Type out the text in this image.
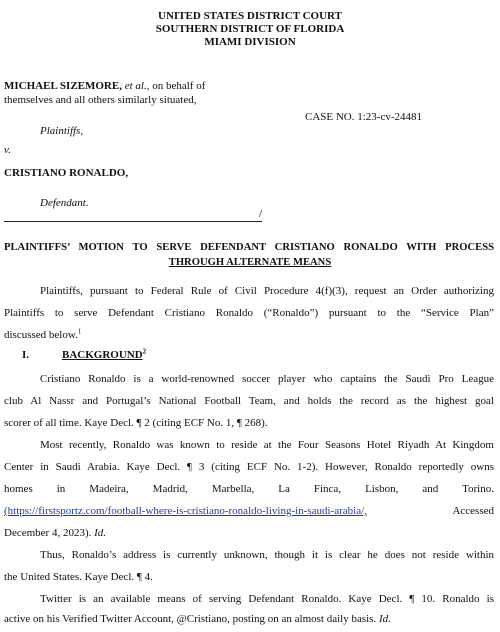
UNITED STATES DISTRICT COURT
SOUTHERN DISTRICT OF FLORIDA
MIAMI DIVISION
MICHAEL SIZEMORE, et al., on behalf of
themselves and all others similarly situated,
Plaintiffs,
v.
CASE NO. 1:23-cv-24481
CRISTIANO RONALDO,
Defendant.
/
PLAINTIFFS’ MOTION TO SERVE DEFENDANT CRISTIANO RONALDO WITH PROCESS
THROUGH ALTERNATE MEANS
Plaintiffs, pursuant to Federal Rule of Civil Procedure 4(f)(3), request an Order authorizing
Plaintiffs to serve Defendant Cristiano Ronaldo (“Ronaldo”) pursuant to the “Service Plan”
discussed below.$^1$
I.	BACKGROUND$^2$
Cristiano Ronaldo is a world-renowned soccer player who captains the Saudi Pro League
club Al Nassr and Portugal’s National Football Team, and holds the record as the highest goal
scorer of all time. Kaye Decl. ¶ 2 (citing ECF No. 1, ¶ 268).
Most recently, Ronaldo was known to reside at the Four Seasons Hotel Riyadh At Kingdom
Center in Saudi Arabia. Kaye Decl. ¶ 3 (citing ECF No. 1-2). However, Ronaldo reportedly owns
homes in Madeira, Madrid, Marbella, La Finca, Lisbon, and Torino.
(https://firstsportz.com/football-where-is-cristiano-ronaldo-living-in-saudi-arabia/,	Accessed
December 4, 2023). Id.
Thus, Ronaldo’s address is currently unknown, though it is clear he does not reside within
the United States. Kaye Decl. ¶ 4.
Twitter is an available means of serving Defendant Ronaldo. Kaye Decl. ¶ 10. Ronaldo is
active on his Verified Twitter Account, @Cristiano, posting on an almost daily basis. Id.
